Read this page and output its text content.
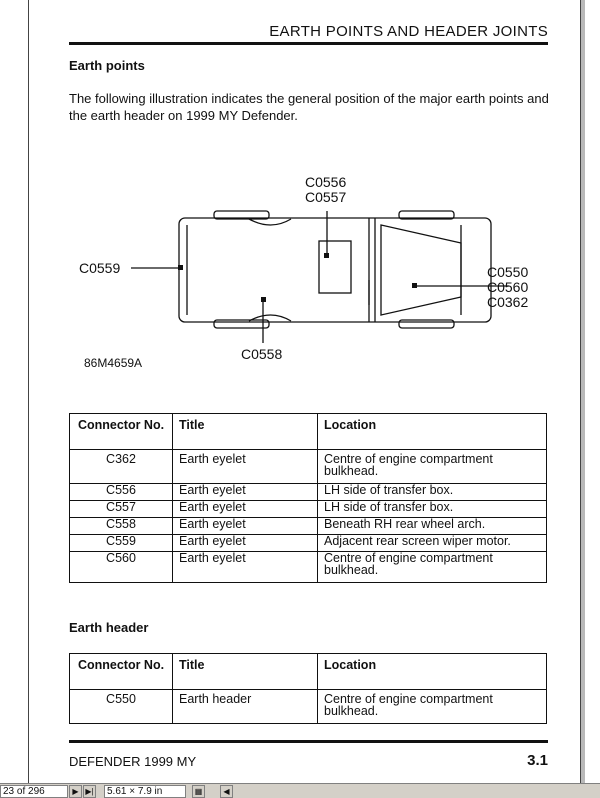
EARTH POINTS AND HEADER JOINTS
Earth points
The following illustration indicates the general position of the major earth points and the earth header on 1999 MY Defender.
C0556
C0557
C0559
C0558
C0550
C0560
C0362
86M4659A
Connector No.	Title	Location
C362	Earth eyelet	Centre of engine compartment bulkhead.
C556	Earth eyelet	LH side of transfer box.
C557	Earth eyelet	LH side of transfer box.
C558	Earth eyelet	Beneath RH rear wheel arch.
C559	Earth eyelet	Adjacent rear screen wiper motor.
C560	Earth eyelet	Centre of engine compartment bulkhead.
Earth header
Connector No.	Title	Location
C550	Earth header	Centre of engine compartment bulkhead.
DEFENDER 1999 MY	3.1
23 of 296	▶ ▶|	5.61 × 7.9 in	▦	◀
